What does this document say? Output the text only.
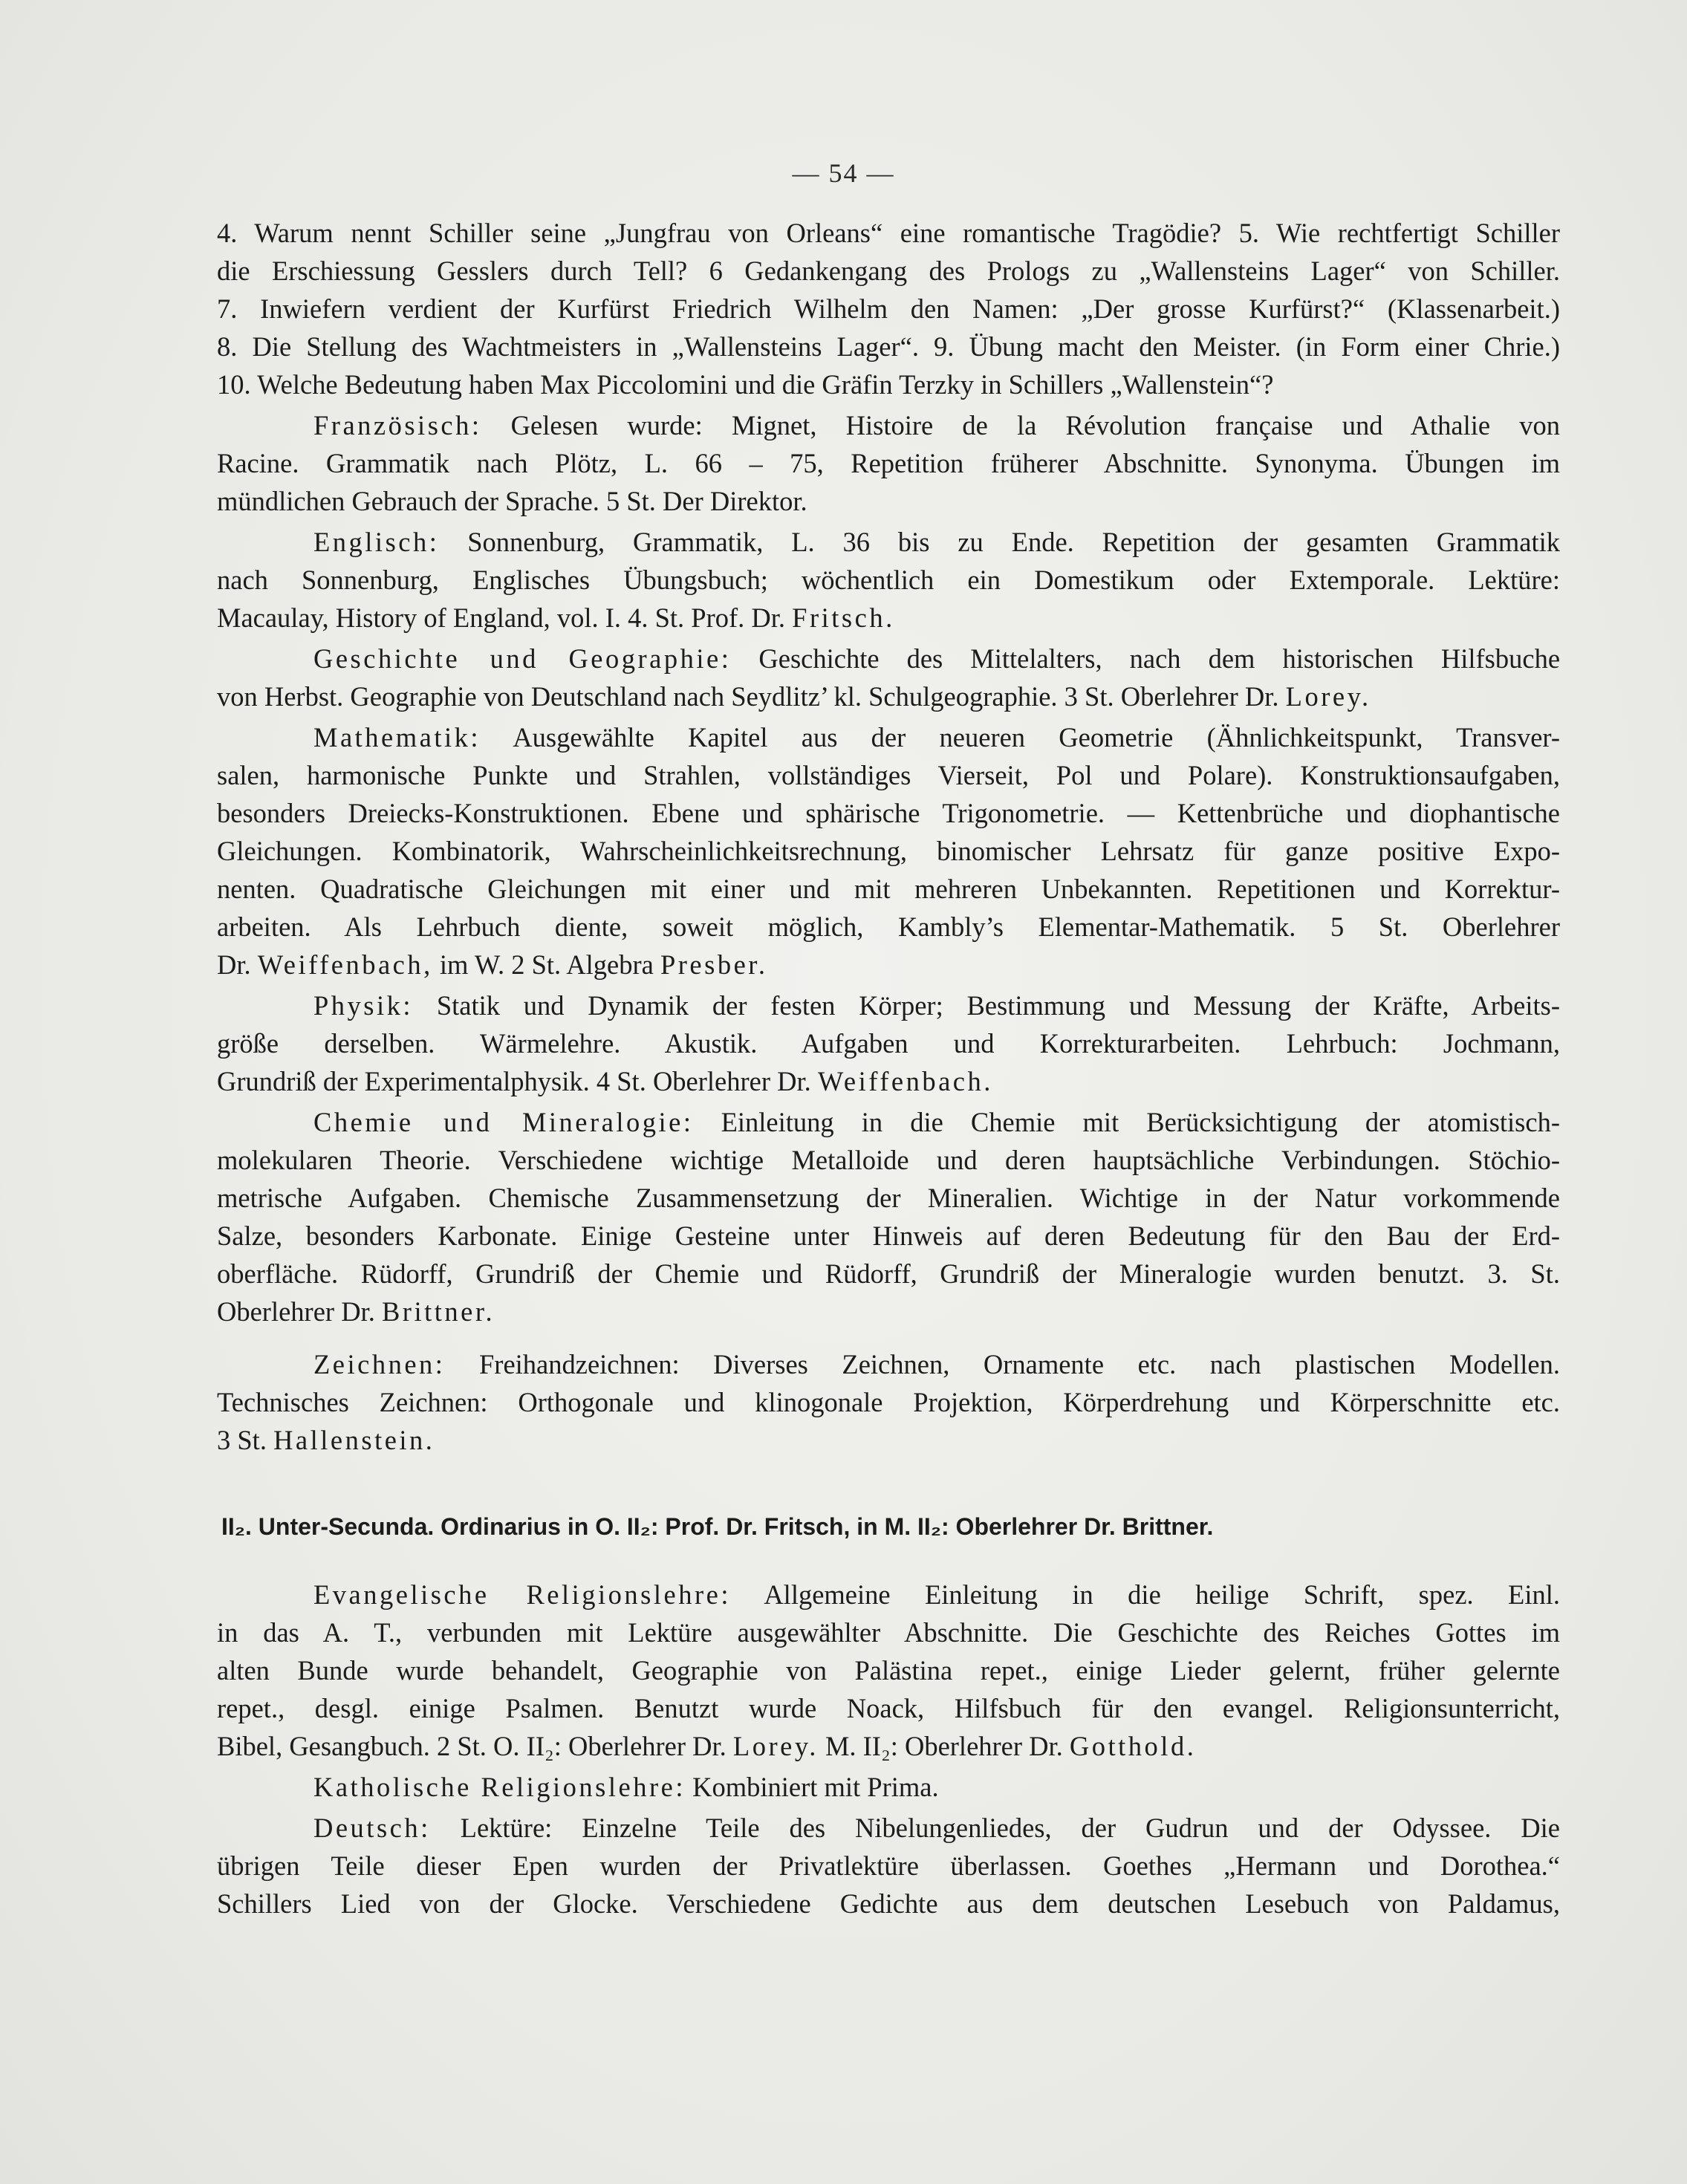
— 54 —
4. Warum nennt Schiller seine „Jungfrau von Orleans“ eine romantische Tragödie? 5. Wie rechtfertigt Schiller
die Erschiessung Gesslers durch Tell? 6 Gedankengang des Prologs zu „Wallensteins Lager“ von Schiller.
7. Inwiefern verdient der Kurfürst Friedrich Wilhelm den Namen: „Der grosse Kurfürst?“ (Klassenarbeit.)
8. Die Stellung des Wachtmeisters in „Wallensteins Lager“. 9. Übung macht den Meister. (in Form einer Chrie.)
10. Welche Bedeutung haben Max Piccolomini und die Gräfin Terzky in Schillers „Wallenstein“?
Französisch: Gelesen wurde: Mignet, Histoire de la Révolution française und Athalie von
Racine. Grammatik nach Plötz, L. 66 – 75, Repetition früherer Abschnitte. Synonyma. Übungen im
mündlichen Gebrauch der Sprache. 5 St. Der Direktor.
Englisch: Sonnenburg, Grammatik, L. 36 bis zu Ende. Repetition der gesamten Grammatik
nach Sonnenburg, Englisches Übungsbuch; wöchentlich ein Domestikum oder Extemporale. Lektüre:
Macaulay, History of England, vol. I. 4. St. Prof. Dr. Fritsch.
Geschichte und Geographie: Geschichte des Mittelalters, nach dem historischen Hilfsbuche
von Herbst. Geographie von Deutschland nach Seydlitz’ kl. Schulgeographie. 3 St. Oberlehrer Dr. Lorey.
Mathematik: Ausgewählte Kapitel aus der neueren Geometrie (Ähnlichkeitspunkt, Transver-
salen, harmonische Punkte und Strahlen, vollständiges Vierseit, Pol und Polare). Konstruktionsaufgaben,
besonders Dreiecks-Konstruktionen. Ebene und sphärische Trigonometrie. — Kettenbrüche und diophantische
Gleichungen. Kombinatorik, Wahrscheinlichkeitsrechnung, binomischer Lehrsatz für ganze positive Expo-
nenten. Quadratische Gleichungen mit einer und mit mehreren Unbekannten. Repetitionen und Korrektur-
arbeiten. Als Lehrbuch diente, soweit möglich, Kambly’s Elementar-Mathematik. 5 St. Oberlehrer
Dr. Weiffenbach, im W. 2 St. Algebra Presber.
Physik: Statik und Dynamik der festen Körper; Bestimmung und Messung der Kräfte, Arbeits-
größe derselben. Wärmelehre. Akustik. Aufgaben und Korrekturarbeiten. Lehrbuch: Jochmann,
Grundriß der Experimentalphysik. 4 St. Oberlehrer Dr. Weiffenbach.
Chemie und Mineralogie: Einleitung in die Chemie mit Berücksichtigung der atomistisch-
molekularen Theorie. Verschiedene wichtige Metalloide und deren hauptsächliche Verbindungen. Stöchio-
metrische Aufgaben. Chemische Zusammensetzung der Mineralien. Wichtige in der Natur vorkommende
Salze, besonders Karbonate. Einige Gesteine unter Hinweis auf deren Bedeutung für den Bau der Erd-
oberfläche. Rüdorff, Grundriß der Chemie und Rüdorff, Grundriß der Mineralogie wurden benutzt. 3. St.
Oberlehrer Dr. Brittner.
Zeichnen: Freihandzeichnen: Diverses Zeichnen, Ornamente etc. nach plastischen Modellen.
Technisches Zeichnen: Orthogonale und klinogonale Projektion, Körperdrehung und Körperschnitte etc.
3 St. Hallenstein.
II₂. Unter-Secunda. Ordinarius in O. II₂: Prof. Dr. Fritsch, in M. II₂: Oberlehrer Dr. Brittner.
Evangelische Religionslehre: Allgemeine Einleitung in die heilige Schrift, spez. Einl.
in das A. T., verbunden mit Lektüre ausgewählter Abschnitte. Die Geschichte des Reiches Gottes im
alten Bunde wurde behandelt, Geographie von Palästina repet., einige Lieder gelernt, früher gelernte
repet., desgl. einige Psalmen. Benutzt wurde Noack, Hilfsbuch für den evangel. Religionsunterricht,
Bibel, Gesangbuch. 2 St. O. II₂: Oberlehrer Dr. Lorey. M. II₂: Oberlehrer Dr. Gotthold.
Katholische Religionslehre: Kombiniert mit Prima.
Deutsch: Lektüre: Einzelne Teile des Nibelungenliedes, der Gudrun und der Odyssee. Die
übrigen Teile dieser Epen wurden der Privatlektüre überlassen. Goethes „Hermann und Dorothea.“
Schillers Lied von der Glocke. Verschiedene Gedichte aus dem deutschen Lesebuch von Paldamus,
